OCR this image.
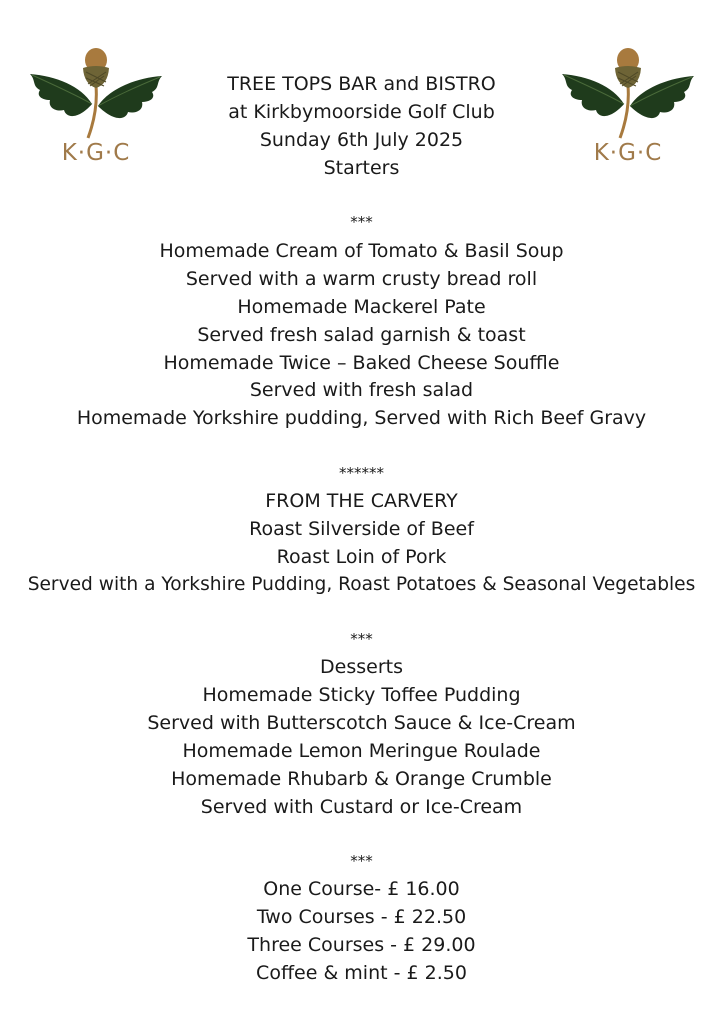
K·G·C	K·G·C
TREE TOPS BAR and BISTRO
at Kirkbymoorside Golf Club
Sunday 6th July 2025
Starters
***
Homemade Cream of Tomato & Basil Soup
Served with a warm crusty bread roll
Homemade Mackerel Pate
Served fresh salad garnish & toast
Homemade Twice – Baked Cheese Souffle
Served with fresh salad
Homemade Yorkshire pudding, Served with Rich Beef Gravy
******
FROM THE CARVERY
Roast Silverside of Beef
Roast Loin of Pork
Served with a Yorkshire Pudding, Roast Potatoes & Seasonal Vegetables
***
Desserts
Homemade Sticky Toffee Pudding
Served with Butterscotch Sauce & Ice-Cream
Homemade Lemon Meringue Roulade
Homemade Rhubarb & Orange Crumble
Served with Custard or Ice-Cream
***
One Course- £ 16.00
Two Courses - £ 22.50
Three Courses - £ 29.00
Coffee & mint - £ 2.50
